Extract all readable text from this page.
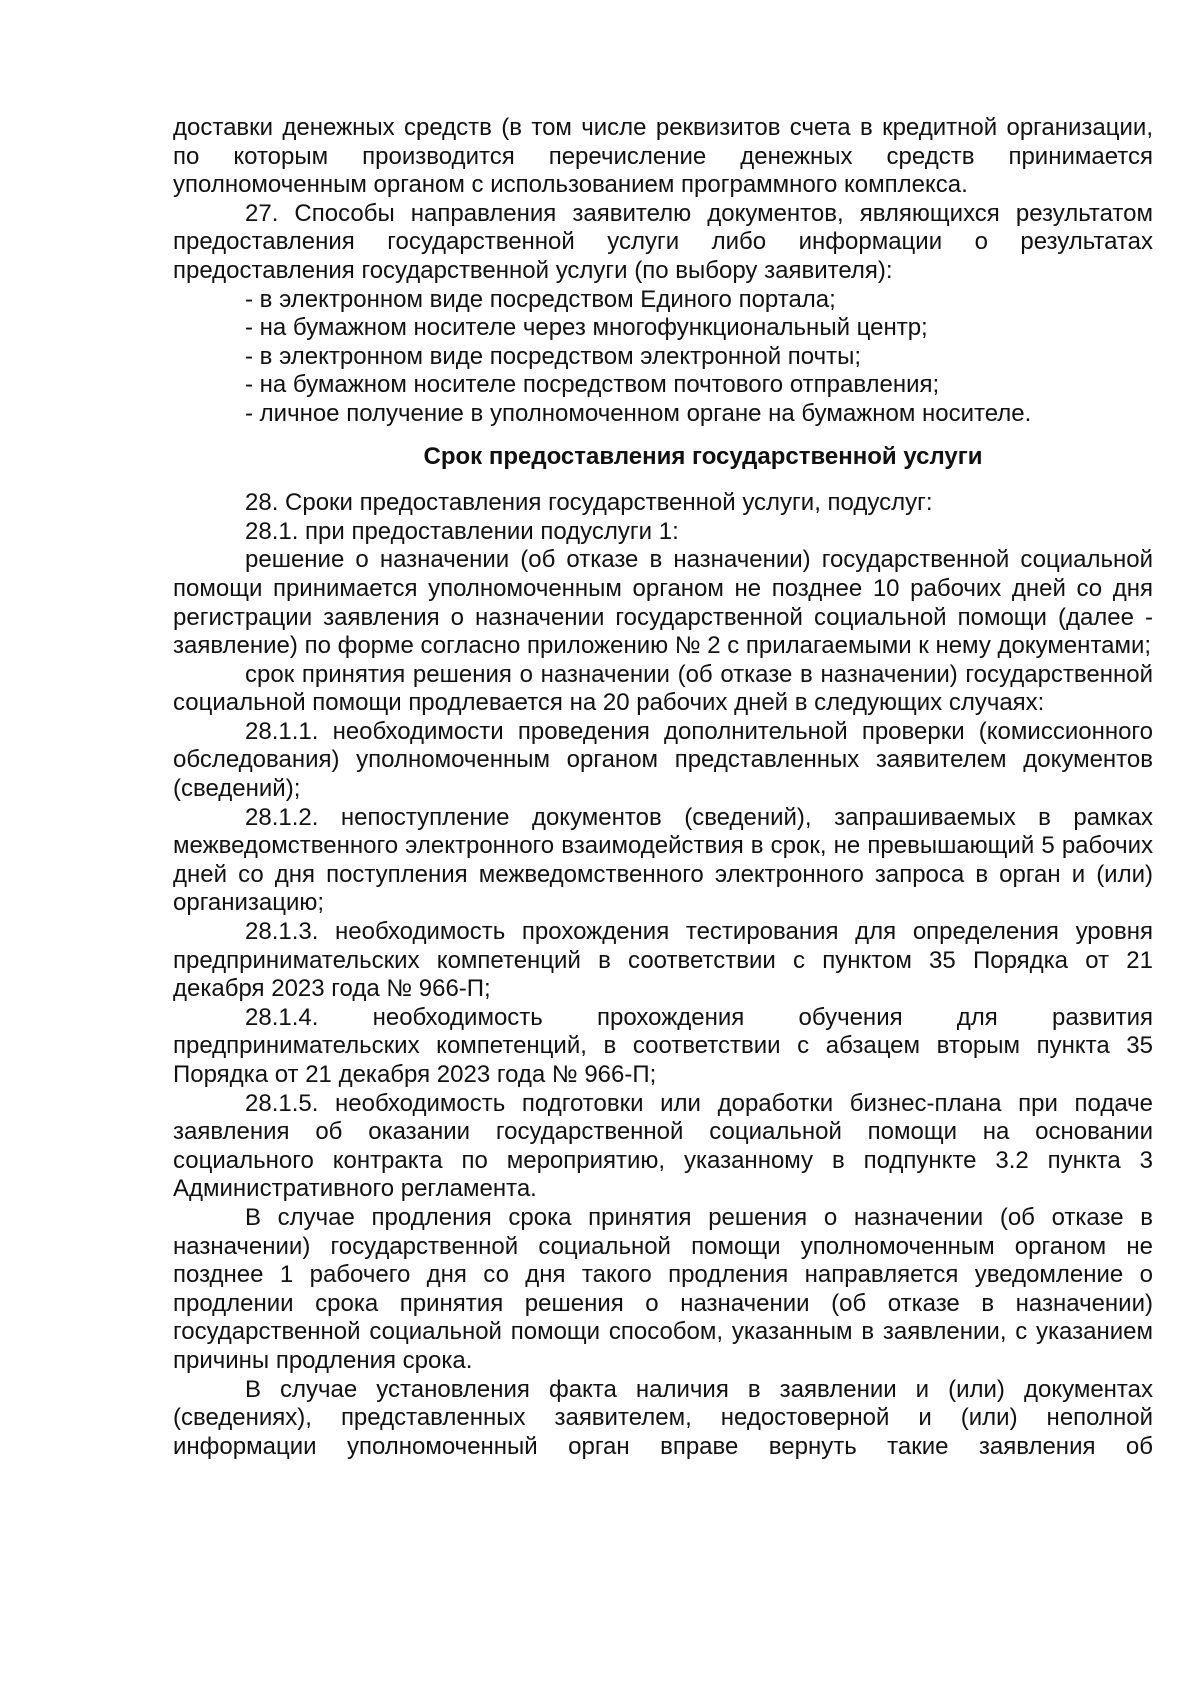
доставки денежных средств (в том числе реквизитов счета в кредитной организации, по которым производится перечисление денежных средств принимается уполномоченным органом с использованием программного комплекса.

27. Способы направления заявителю документов, являющихся результатом предоставления государственной услуги либо информации о результатах предоставления государственной услуги (по выбору заявителя):

- в электронном виде посредством Единого портала;

- на бумажном носителе через многофункциональный центр;

- в электронном виде посредством электронной почты;

- на бумажном носителе посредством почтового отправления;

- личное получение в уполномоченном органе на бумажном носителе.

Срок предоставления государственной услуги

28. Сроки предоставления государственной услуги, подуслуг:

28.1. при предоставлении подуслуги 1:

решение о назначении (об отказе в назначении) государственной социальной помощи принимается уполномоченным органом не позднее 10 рабочих дней со дня регистрации заявления о назначении государственной социальной помощи (далее - заявление) по форме согласно приложению № 2 с прилагаемыми к нему документами;

срок принятия решения о назначении (об отказе в назначении) государственной социальной помощи продлевается на 20 рабочих дней в следующих случаях:

28.1.1. необходимости проведения дополнительной проверки (комиссионного обследования) уполномоченным органом представленных заявителем документов (сведений);

28.1.2. непоступление документов (сведений), запрашиваемых в рамках межведомственного электронного взаимодействия в срок, не превышающий 5 рабочих дней со дня поступления межведомственного электронного запроса в орган и (или) организацию;

28.1.3. необходимость прохождения тестирования для определения уровня предпринимательских компетенций в соответствии с пунктом 35 Порядка от 21 декабря 2023 года № 966-П;

28.1.4. необходимость прохождения обучения для развития предпринимательских компетенций, в соответствии с абзацем вторым пункта 35 Порядка от 21 декабря 2023 года № 966-П;

28.1.5. необходимость подготовки или доработки бизнес-плана при подаче заявления об оказании государственной социальной помощи на основании социального контракта по мероприятию, указанному в подпункте 3.2 пункта 3 Административного регламента.

В случае продления срока принятия решения о назначении (об отказе в назначении) государственной социальной помощи уполномоченным органом не позднее 1 рабочего дня со дня такого продления направляется уведомление о продлении срока принятия решения о назначении (об отказе в назначении) государственной социальной помощи способом, указанным в заявлении, с указанием причины продления срока.

В случае установления факта наличия в заявлении и (или) документах (сведениях), представленных заявителем, недостоверной и (или) неполной информации уполномоченный орган вправе вернуть такие заявления об
